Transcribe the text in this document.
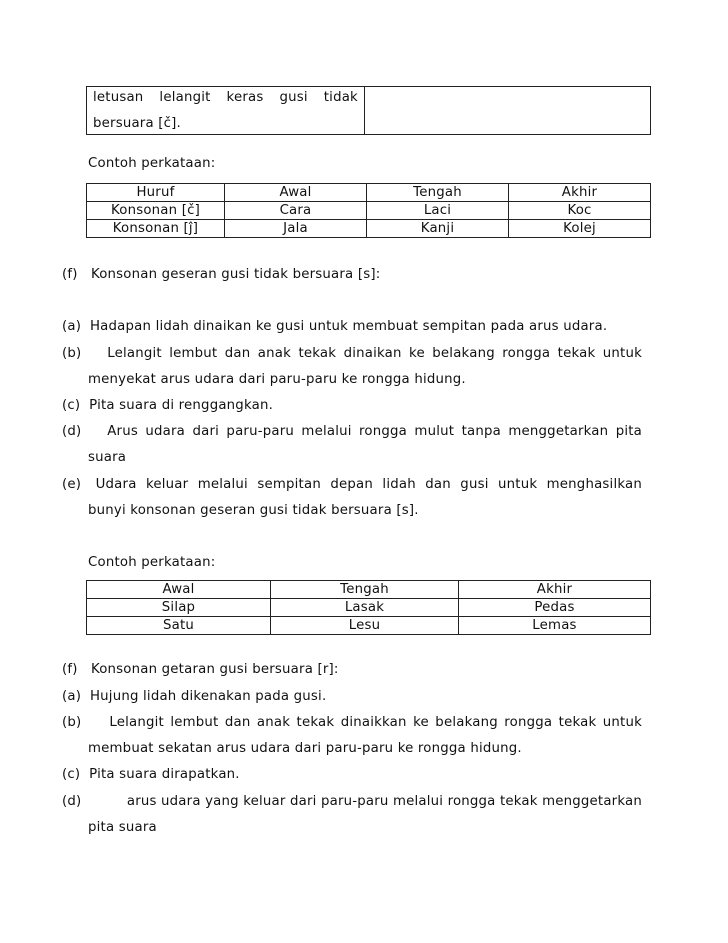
letusan lelangit keras gusi tidak
bersuara [č].

Contoh perkataan:
Huruf	Awal	Tengah	Akhir
Konsonan [č]	Cara	Laci	Koc
Konsonan [ĵ]	Jala	Kanji	Kolej
(f) Konsonan geseran gusi tidak bersuara [s]:
(a) Hadapan lidah dinaikan ke gusi untuk membuat sempitan pada arus udara.
(b) Lelangit lembut dan anak tekak dinaikan ke belakang rongga tekak untuk
menyekat arus udara dari paru-paru ke rongga hidung.
(c) Pita suara di renggangkan.
(d) Arus udara dari paru-paru melalui rongga mulut tanpa menggetarkan pita
suara
(e) Udara keluar melalui sempitan depan lidah dan gusi untuk menghasilkan
bunyi konsonan geseran gusi tidak bersuara [s].
Contoh perkataan:
Awal	Tengah	Akhir
Silap	Lasak	Pedas
Satu	Lesu	Lemas
(f) Konsonan getaran gusi bersuara [r]:
(a) Hujung lidah dikenakan pada gusi.
(b) Lelangit lembut dan anak tekak dinaikkan ke belakang rongga tekak untuk
membuat sekatan arus udara dari paru-paru ke rongga hidung.
(c) Pita suara dirapatkan.
(d)	arus udara yang keluar dari paru-paru melalui rongga tekak menggetarkan
pita suara
